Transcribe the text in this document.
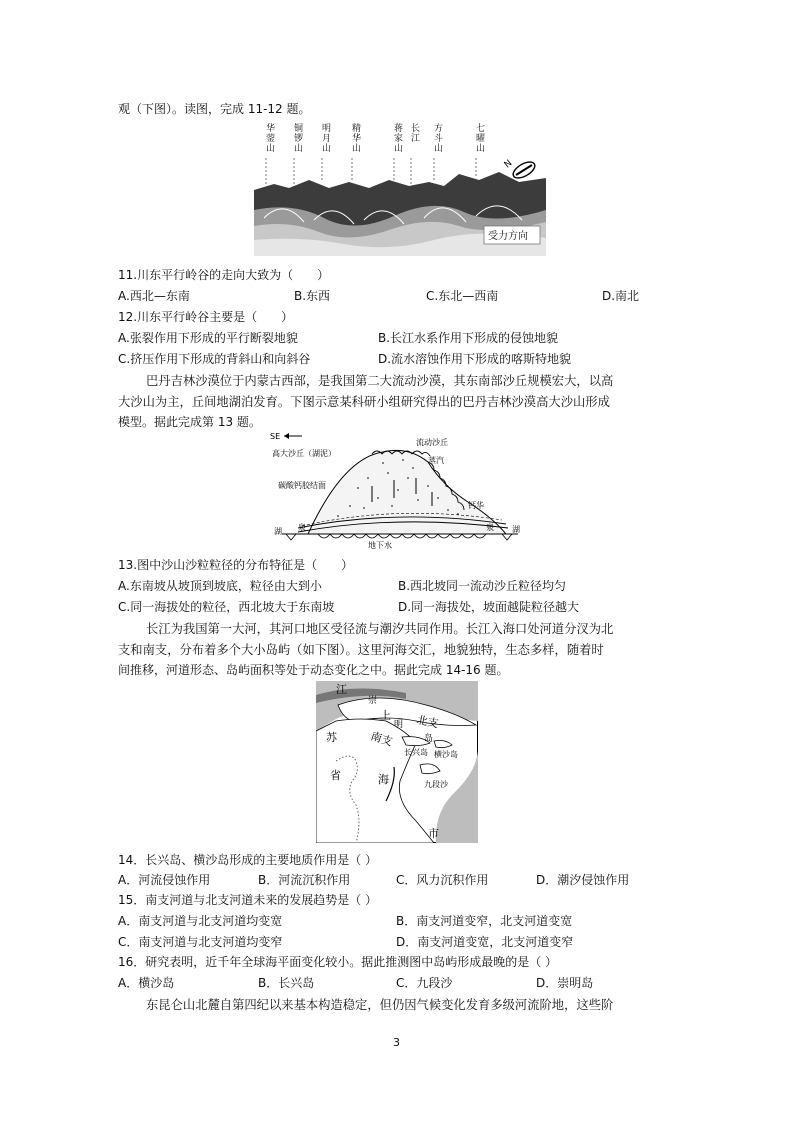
观（下图）。读图，完成 11-12 题。
N
受力方向
华蓥山
铜锣山
明月山
精华山
蒋家山
长江
方斗山
七曜山
11.川东平行岭谷的走向大致为（　　）
A.西北—东南	B.东西	C.东北—西南	D.南北
12.川东平行岭谷主要是（　　）
A.张裂作用下形成的平行断裂地貌	B.长江水系作用下形成的侵蚀地貌
C.挤压作用下形成的背斜山和向斜谷	D.流水溶蚀作用下形成的喀斯特地貌
巴丹吉林沙漠位于内蒙古西部，是我国第二大流动沙漠，其东南部沙丘规模宏大，以高
大沙山为主，丘间地湖泊发育。下图示意某科研小组研究得出的巴丹吉林沙漠高大沙山形成
模型。据此完成第 13 题。
SE
高大沙丘（湖泥）
流动沙丘
蒸汽
碳酸钙胶结面
钙华
湖 泉	泉 湖
地下水
13.图中沙山沙粒粒径的分布特征是（　　）
A.东南坡从坡顶到坡底，粒径由大到小	B.西北坡同一流动沙丘粒径均匀
C.同一海拔处的粒径，西北坡大于东南坡	D.同一海拔处，坡面越陡粒径越大
长江为我国第一大河，其河口地区受径流与潮汐共同作用。长江入海口处河道分汊为北
支和南支，分布着多个大小岛屿（如下图）。这里河海交汇，地貌独特，生态多样，随着时
间推移，河道形态、岛屿面积等处于动态变化之中。据此完成 14-16 题。
江
崇
上
明 北支
苏	南支	岛
省
长兴岛 横沙岛
海	九段沙
市
14．长兴岛、横沙岛形成的主要地质作用是（ ）
A．河流侵蚀作用	B．河流沉积作用	C．风力沉积作用	D．潮汐侵蚀作用
15．南支河道与北支河道未来的发展趋势是（ ）
A．南支河道与北支河道均变宽	B．南支河道变窄，北支河道变宽
C．南支河道与北支河道均变窄	D．南支河道变宽，北支河道变窄
16．研究表明，近千年全球海平面变化较小。据此推测图中岛屿形成最晚的是（ ）
A．横沙岛	B．长兴岛	C．九段沙	D．崇明岛
东昆仑山北麓自第四纪以来基本构造稳定，但仍因气候变化发育多级河流阶地，这些阶
3
